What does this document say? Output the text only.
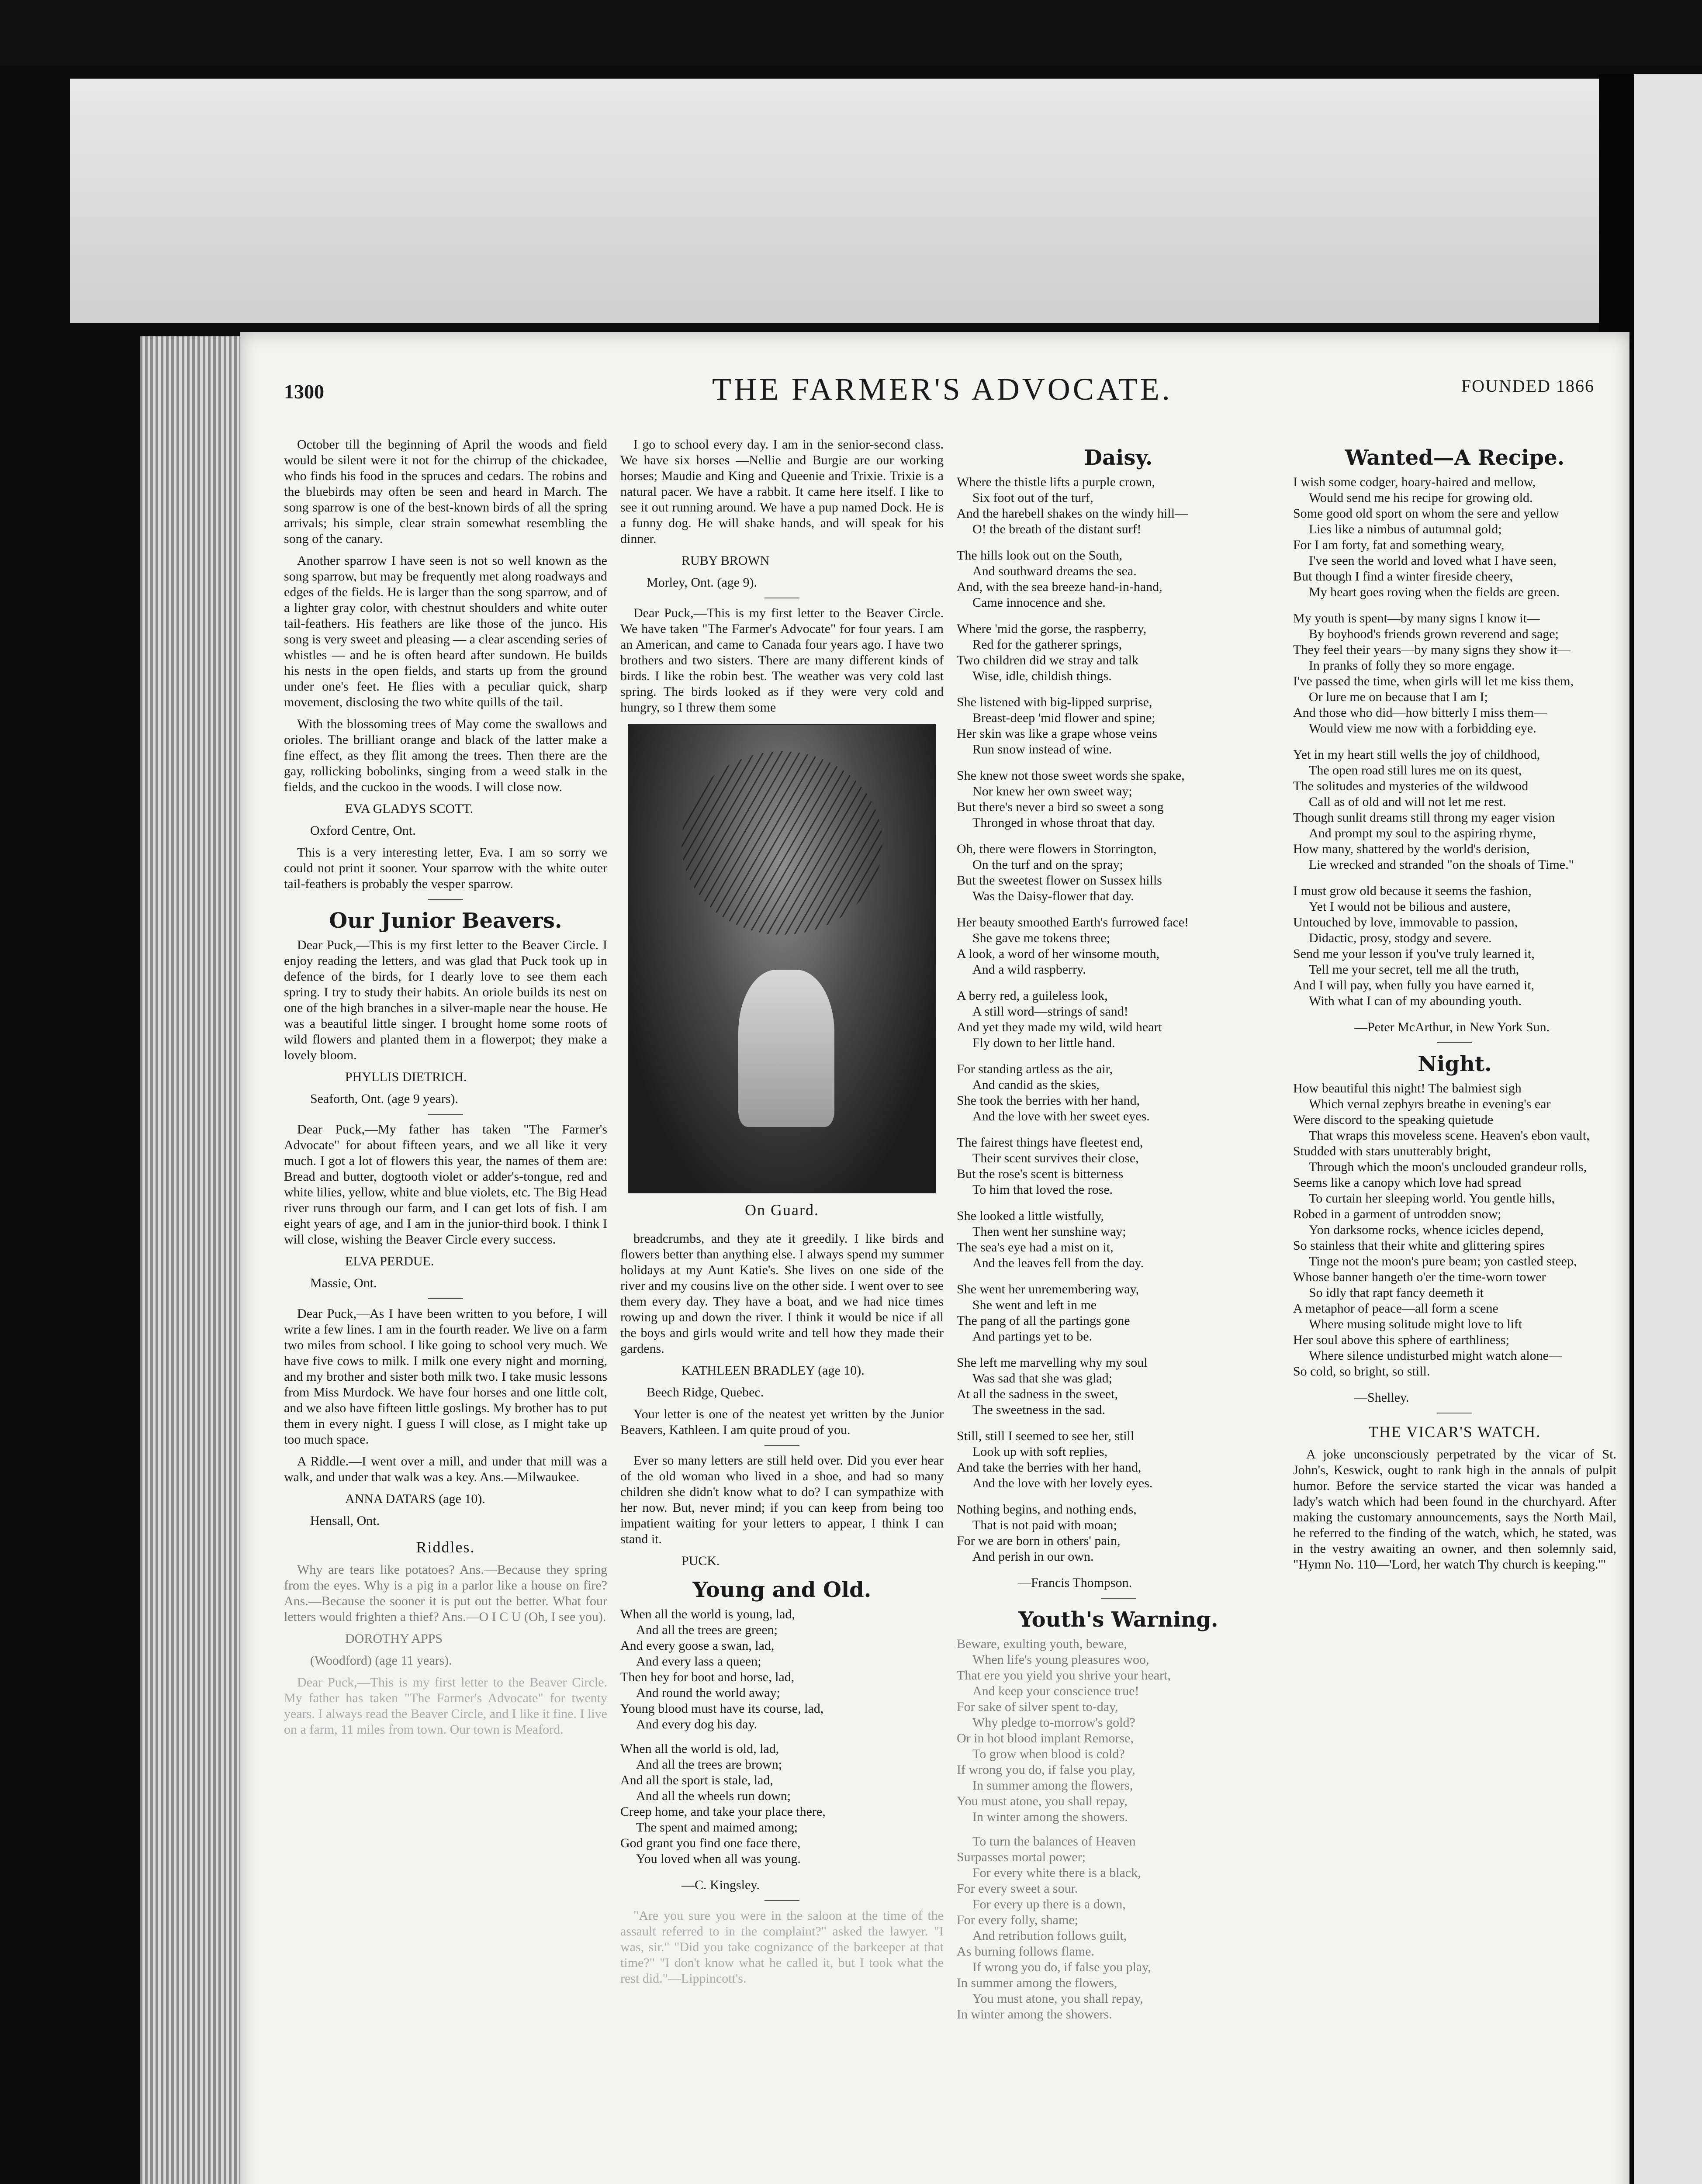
1300	THE FARMER'S ADVOCATE.	FOUNDED 1866

October till the beginning of April the woods and field would be silent were it not for the chirrup of the chickadee, who finds his food in the spruces and cedars. The robins and the bluebirds may often be seen and heard in March. The song sparrow is one of the best-known birds of all the spring arrivals; his simple, clear strain somewhat resembling the song of the canary.

Another sparrow I have seen is not so well known as the song sparrow, but may be frequently met along roadways and edges of the fields. He is larger than the song sparrow, and of a lighter gray color, with chestnut shoulders and white outer tail-feathers. His feathers are like those of the junco. His song is very sweet and pleasing — a clear ascending series of whistles — and he is often heard after sundown. He builds his nests in the open fields, and starts up from the ground under one's feet. He flies with a peculiar quick, sharp movement, disclosing the two white quills of the tail.

With the blossoming trees of May come the swallows and orioles. The brilliant orange and black of the latter make a fine effect, as they flit among the trees. Then there are the gay, rollicking bobolinks, singing from a weed stalk in the fields, and the cuckoo in the woods. I will close now.

EVA GLADYS SCOTT.

Oxford Centre, Ont.

This is a very interesting letter, Eva. I am so sorry we could not print it sooner. Your sparrow with the white outer tail-feathers is probably the vesper sparrow.

Our Junior Beavers.

Dear Puck,—This is my first letter to the Beaver Circle. I enjoy reading the letters, and was glad that Puck took up in defence of the birds, for I dearly love to see them each spring. I try to study their habits. An oriole builds its nest on one of the high branches in a silver-maple near the house. He was a beautiful little singer. I brought home some roots of wild flowers and planted them in a flowerpot; they make a lovely bloom.

PHYLLIS DIETRICH.

Seaforth, Ont. (age 9 years).

Dear Puck,—My father has taken "The Farmer's Advocate" for about fifteen years, and we all like it very much. I got a lot of flowers this year, the names of them are: Bread and butter, dogtooth violet or adder's-tongue, red and white lilies, yellow, white and blue violets, etc. The Big Head river runs through our farm, and I can get lots of fish. I am eight years of age, and I am in the junior-third book. I think I will close, wishing the Beaver Circle every success.

ELVA PERDUE.

Massie, Ont.

Dear Puck,—As I have been written to you before, I will write a few lines. I am in the fourth reader. We live on a farm two miles from school. I like going to school very much. We have five cows to milk. I milk one every night and morning, and my brother and sister both milk two. I take music lessons from Miss Murdock. We have four horses and one little colt, and we also have fifteen little goslings. My brother has to put them in every night. I guess I will close, as I might take up too much space.

A Riddle.—I went over a mill, and under that mill was a walk, and under that walk was a key. Ans.—Milwaukee.

ANNA DATARS (age 10).

Hensall, Ont.

Riddles.

Why are tears like potatoes? Ans.—Because they spring from the eyes. Why is a pig in a parlor like a house on fire? Ans.—Because the sooner it is put out the better. What four letters would frighten a thief? Ans.—O I C U (Oh, I see you).

DOROTHY APPS

(Woodford) (age 11 years).

Dear Puck,—This is my first letter to the Beaver Circle. My father has taken "The Farmer's Advocate" for twenty years. I always read the Beaver Circle, and I like it fine. I live on a farm, 11 miles from town. Our town is Meaford.

I go to school every day. I am in the senior-second class. We have six horses —Nellie and Burgie are our working horses; Maudie and King and Queenie and Trixie. Trixie is a natural pacer. We have a rabbit. It came here itself. I like to see it out running around. We have a pup named Dock. He is a funny dog. He will shake hands, and will speak for his dinner.

RUBY BROWN

Morley, Ont. (age 9).

Dear Puck,—This is my first letter to the Beaver Circle. We have taken "The Farmer's Advocate" for four years. I am an American, and came to Canada four years ago. I have two brothers and two sisters. There are many different kinds of birds. I like the robin best. The weather was very cold last spring. The birds looked as if they were very cold and hungry, so I threw them some

On Guard.

breadcrumbs, and they ate it greedily. I like birds and flowers better than anything else. I always spend my summer holidays at my Aunt Katie's. She lives on one side of the river and my cousins live on the other side. I went over to see them every day. They have a boat, and we had nice times rowing up and down the river. I think it would be nice if all the boys and girls would write and tell how they made their gardens.

KATHLEEN BRADLEY (age 10).

Beech Ridge, Quebec.

Your letter is one of the neatest yet written by the Junior Beavers, Kathleen. I am quite proud of you.

Ever so many letters are still held over. Did you ever hear of the old woman who lived in a shoe, and had so many children she didn't know what to do? I can sympathize with her now. But, never mind; if you can keep from being too impatient waiting for your letters to appear, I think I can stand it.

PUCK.

Young and Old.
When all the world is young, lad,
And all the trees are green;
And every goose a swan, lad,
And every lass a queen;
Then hey for boot and horse, lad,
And round the world away;
Young blood must have its course, lad,
And every dog his day.
When all the world is old, lad,
And all the trees are brown;
And all the sport is stale, lad,
And all the wheels run down;
Creep home, and take your place there,
The spent and maimed among;
God grant you find one face there,
You loved when all was young.

—C. Kingsley.

"Are you sure you were in the saloon at the time of the assault referred to in the complaint?" asked the lawyer. "I was, sir." "Did you take cognizance of the barkeeper at that time?" "I don't know what he called it, but I took what the rest did."—Lippincott's.

Daisy.
Where the thistle lifts a purple crown,
Six foot out of the turf,
And the harebell shakes on the windy hill—
O! the breath of the distant surf!
The hills look out on the South,
And southward dreams the sea.
And, with the sea breeze hand-in-hand,
Came innocence and she.
Where 'mid the gorse, the raspberry,
Red for the gatherer springs,
Two children did we stray and talk
Wise, idle, childish things.
She listened with big-lipped surprise,
Breast-deep 'mid flower and spine;
Her skin was like a grape whose veins
Run snow instead of wine.
She knew not those sweet words she spake,
Nor knew her own sweet way;
But there's never a bird so sweet a song
Thronged in whose throat that day.
Oh, there were flowers in Storrington,
On the turf and on the spray;
But the sweetest flower on Sussex hills
Was the Daisy-flower that day.
Her beauty smoothed Earth's furrowed face!
She gave me tokens three;
A look, a word of her winsome mouth,
And a wild raspberry.
A berry red, a guileless look,
A still word—strings of sand!
And yet they made my wild, wild heart
Fly down to her little hand.
For standing artless as the air,
And candid as the skies,
She took the berries with her hand,
And the love with her sweet eyes.
The fairest things have fleetest end,
Their scent survives their close,
But the rose's scent is bitterness
To him that loved the rose.
She looked a little wistfully,
Then went her sunshine way;
The sea's eye had a mist on it,
And the leaves fell from the day.
She went her unremembering way,
She went and left in me
The pang of all the partings gone
And partings yet to be.
She left me marvelling why my soul
Was sad that she was glad;
At all the sadness in the sweet,
The sweetness in the sad.
Still, still I seemed to see her, still
Look up with soft replies,
And take the berries with her hand,
And the love with her lovely eyes.
Nothing begins, and nothing ends,
That is not paid with moan;
For we are born in others' pain,
And perish in our own.

—Francis Thompson.

Youth's Warning.
Beware, exulting youth, beware,
When life's young pleasures woo,
That ere you yield you shrive your heart,
And keep your conscience true!
For sake of silver spent to-day,
Why pledge to-morrow's gold?
Or in hot blood implant Remorse,
To grow when blood is cold?
If wrong you do, if false you play,
In summer among the flowers,
You must atone, you shall repay,
In winter among the showers.
To turn the balances of Heaven
Surpasses mortal power;
For every white there is a black,
For every sweet a sour.
For every up there is a down,
For every folly, shame;
And retribution follows guilt,
As burning follows flame.
If wrong you do, if false you play,
In summer among the flowers,
You must atone, you shall repay,
In winter among the showers.
Wanted—A Recipe.
I wish some codger, hoary-haired and mellow,
Would send me his recipe for growing old.
Some good old sport on whom the sere and yellow
Lies like a nimbus of autumnal gold;
For I am forty, fat and something weary,
I've seen the world and loved what I have seen,
But though I find a winter fireside cheery,
My heart goes roving when the fields are green.
My youth is spent—by many signs I know it—
By boyhood's friends grown reverend and sage;
They feel their years—by many signs they show it—
In pranks of folly they so more engage.
I've passed the time, when girls will let me kiss them,
Or lure me on because that I am I;
And those who did—how bitterly I miss them—
Would view me now with a forbidding eye.
Yet in my heart still wells the joy of childhood,
The open road still lures me on its quest,
The solitudes and mysteries of the wildwood
Call as of old and will not let me rest.
Though sunlit dreams still throng my eager vision
And prompt my soul to the aspiring rhyme,
How many, shattered by the world's derision,
Lie wrecked and stranded "on the shoals of Time."
I must grow old because it seems the fashion,
Yet I would not be bilious and austere,
Untouched by love, immovable to passion,
Didactic, prosy, stodgy and severe.
Send me your lesson if you've truly learned it,
Tell me your secret, tell me all the truth,
And I will pay, when fully you have earned it,
With what I can of my abounding youth.

—Peter McArthur, in New York Sun.

Night.
How beautiful this night! The balmiest sigh
Which vernal zephyrs breathe in evening's ear
Were discord to the speaking quietude
That wraps this moveless scene. Heaven's ebon vault,
Studded with stars unutterably bright,
Through which the moon's unclouded grandeur rolls,
Seems like a canopy which love had spread
To curtain her sleeping world. You gentle hills,
Robed in a garment of untrodden snow;
Yon darksome rocks, whence icicles depend,
So stainless that their white and glittering spires
Tinge not the moon's pure beam; yon castled steep,
Whose banner hangeth o'er the time-worn tower
So idly that rapt fancy deemeth it
A metaphor of peace—all form a scene
Where musing solitude might love to lift
Her soul above this sphere of earthliness;
Where silence undisturbed might watch alone—
So cold, so bright, so still.

—Shelley.

THE VICAR'S WATCH.

A joke unconsciously perpetrated by the vicar of St. John's, Keswick, ought to rank high in the annals of pulpit humor. Before the service started the vicar was handed a lady's watch which had been found in the churchyard. After making the customary announcements, says the North Mail, he referred to the finding of the watch, which, he stated, was in the vestry awaiting an owner, and then solemnly said, "Hymn No. 110—'Lord, her watch Thy church is keeping.'"
